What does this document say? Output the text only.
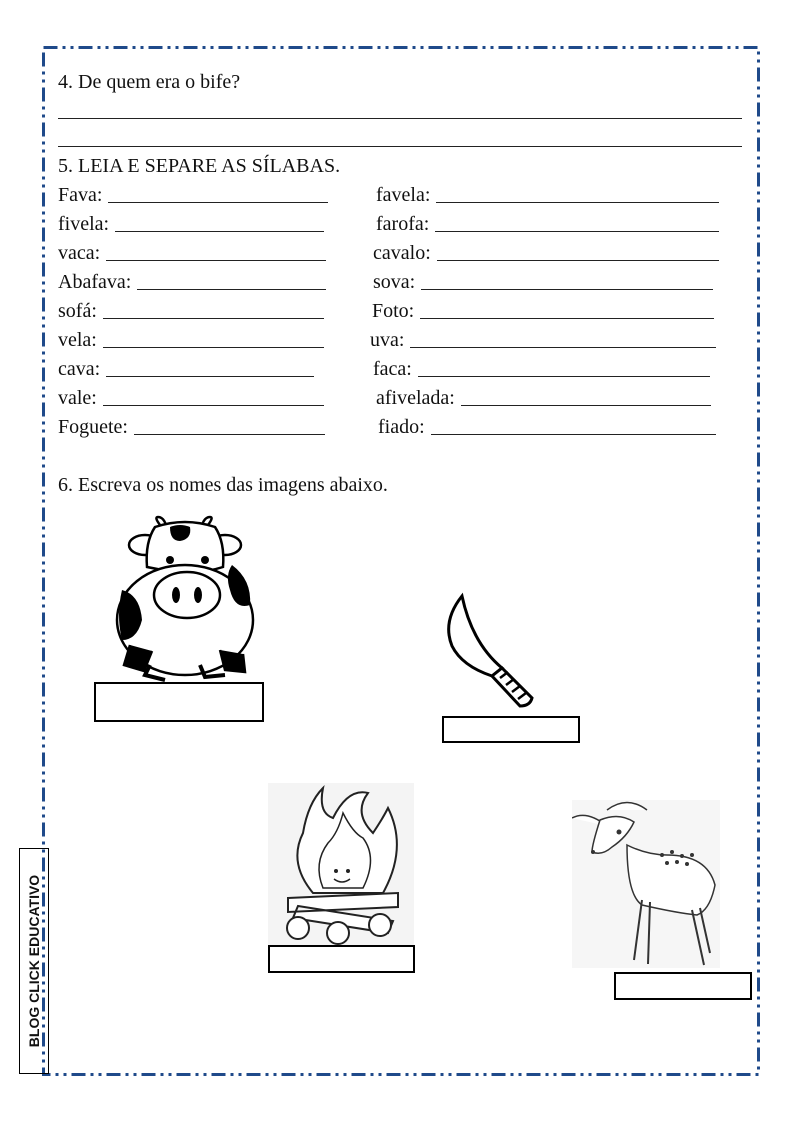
4. De quem era o bife?
5. LEIA E SEPARE AS SÍLABAS.
Fava:	favela:
fivela:	farofa:
vaca:	cavalo:
Abafava:	sova:
sofá:	Foto:
vela:	uva:
cava:	faca:
vale:	afivelada:
Foguete:	fiado:
6. Escreva os nomes das imagens abaixo.
BLOG CLICK EDUCATIVO
